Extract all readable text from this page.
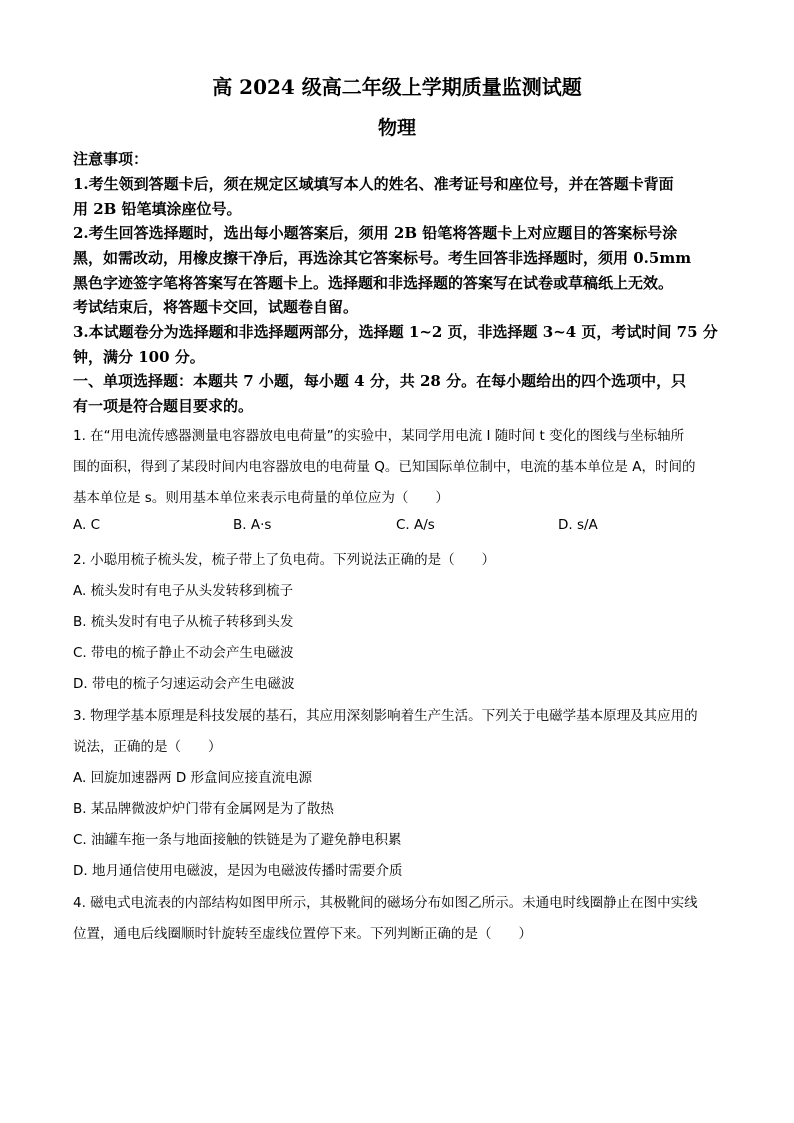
高 2024 级高二年级上学期质量监测试题
物理
注意事项：
1.考生领到答题卡后，须在规定区域填写本人的姓名、准考证号和座位号，并在答题卡背面
用 2B 铅笔填涂座位号。
2.考生回答选择题时，选出每小题答案后，须用 2B 铅笔将答题卡上对应题目的答案标号涂
黑，如需改动，用橡皮擦干净后，再选涂其它答案标号。考生回答非选择题时，须用 0.5mm
黑色字迹签字笔将答案写在答题卡上。选择题和非选择题的答案写在试卷或草稿纸上无效。
考试结束后，将答题卡交回，试题卷自留。
3.本试题卷分为选择题和非选择题两部分，选择题 1~2 页，非选择题 3~4 页，考试时间 75 分
钟，满分 100 分。
一、单项选择题：本题共 7 小题，每小题 4 分，共 28 分。在每小题给出的四个选项中，只
有一项是符合题目要求的。
1. 在“用电流传感器测量电容器放电电荷量”的实验中，某同学用电流 I 随时间 t 变化的图线与坐标轴所
围的面积，得到了某段时间内电容器放电的电荷量 Q。已知国际单位制中，电流的基本单位是 A，时间的
基本单位是 s。则用基本单位来表示电荷量的单位应为（　　）
A. C	B. A·s	C. A/s	D. s/A
2. 小聪用梳子梳头发，梳子带上了负电荷。下列说法正确的是（　　）
A. 梳头发时有电子从头发转移到梳子
B. 梳头发时有电子从梳子转移到头发
C. 带电的梳子静止不动会产生电磁波
D. 带电的梳子匀速运动会产生电磁波
3. 物理学基本原理是科技发展的基石，其应用深刻影响着生产生活。下列关于电磁学基本原理及其应用的
说法，正确的是（　　）
A. 回旋加速器两 D 形盒间应接直流电源
B. 某品牌微波炉炉门带有金属网是为了散热
C. 油罐车拖一条与地面接触的铁链是为了避免静电积累
D. 地月通信使用电磁波，是因为电磁波传播时需要介质
4. 磁电式电流表的内部结构如图甲所示，其极靴间的磁场分布如图乙所示。未通电时线圈静止在图中实线
位置，通电后线圈顺时针旋转至虚线位置停下来。下列判断正确的是（　　）
